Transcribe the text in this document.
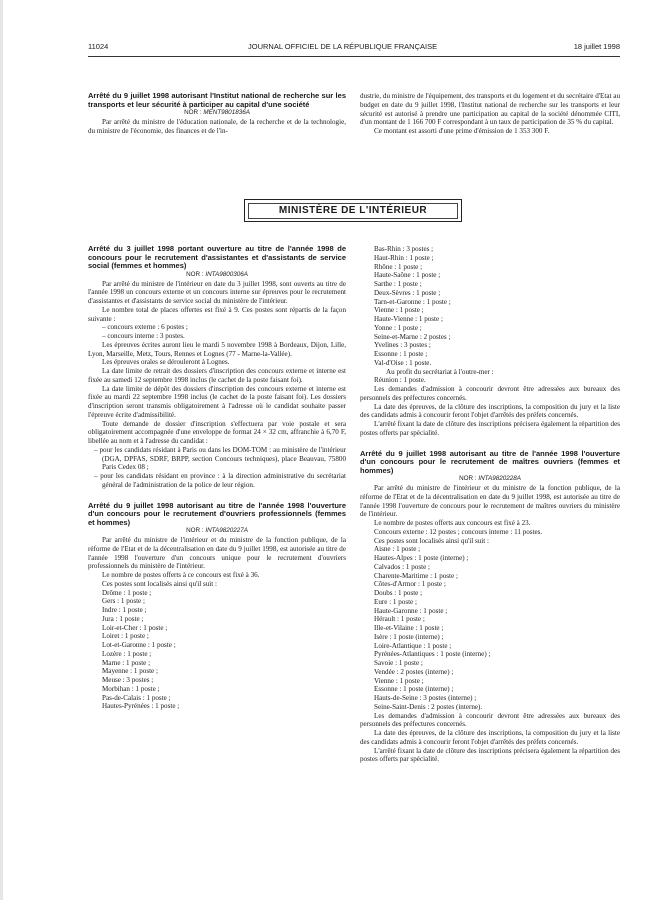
11024	JOURNAL OFFICIEL DE LA RÉPUBLIQUE FRANÇAISE	18 juillet 1998

Arrêté du 9 juillet 1998 autorisant l'Institut national de recherche sur les transports et leur sécurité à participer au capital d'une société

NOR : MENT9801836A

Par arrêté du ministre de l'éducation nationale, de la recherche et de la technologie, du ministre de l'économie, des finances et de l'in-

dustrie, du ministre de l'équipement, des transports et du logement et du secrétaire d'Etat au budget en date du 9 juillet 1998, l'Institut national de recherche sur les transports et leur sécurité est autorisé à prendre une participation au capital de la société dénommée CITI, d'un montant de 1 166 700 F correspondant à un taux de participation de 35 % du capital.

Ce montant est assorti d'une prime d'émission de 1 353 300 F.

MINISTÈRE DE L'INTÉRIEUR

Arrêté du 3 juillet 1998 portant ouverture au titre de l'année 1998 de concours pour le recrutement d'assistantes et d'assistants de service social (femmes et hommes)

NOR : INTA9800306A

Par arrêté du ministre de l'intérieur en date du 3 juillet 1998, sont ouverts au titre de l'année 1998 un concours externe et un concours interne sur épreuves pour le recrutement d'assistantes et d'assistants de service social du ministère de l'intérieur.

Le nombre total de places offertes est fixé à 9. Ces postes sont répartis de la façon suivante :

– concours externe : 6 postes ;

– concours interne : 3 postes.

Les épreuves écrites auront lieu le mardi 5 novembre 1998 à Bordeaux, Dijon, Lille, Lyon, Marseille, Metz, Tours, Rennes et Lognes (77 - Marne-la-Vallée).

Les épreuves orales se dérouleront à Lognes.

La date limite de retrait des dossiers d'inscription des concours externe et interne est fixée au samedi 12 septembre 1998 inclus (le cachet de la poste faisant foi).

La date limite de dépôt des dossiers d'inscription des concours externe et interne est fixée au mardi 22 septembre 1998 inclus (le cachet de la poste faisant foi). Les dossiers d'inscription seront transmis obligatoirement à l'adresse où le candidat souhaite passer l'épreuve écrite d'admissibilité.

Toute demande de dossier d'inscription s'effectuera par voie postale et sera obligatoirement accompagnée d'une enveloppe de format 24 × 32 cm, affranchie à 6,70 F, libellée au nom et à l'adresse du candidat :

– pour les candidats résidant à Paris ou dans les DOM-TOM : au ministère de l'intérieur (DGA, DPFAS, SDRF, BRPP, section Concours techniques), place Beauvau, 75800 Paris Cedex 08 ;

– pour les candidats résidant en province : à la direction administrative du secrétariat général de l'administration de la police de leur région.

Arrêté du 9 juillet 1998 autorisant au titre de l'année 1998 l'ouverture d'un concours pour le recrutement d'ouvriers professionnels (femmes et hommes)

NOR : INTA9820227A

Par arrêté du ministre de l'intérieur et du ministre de la fonction publique, de la réforme de l'Etat et de la décentralisation en date du 9 juillet 1998, est autorisée au titre de l'année 1998 l'ouverture d'un concours unique pour le recrutement d'ouvriers professionnels du ministère de l'intérieur.

Le nombre de postes offerts à ce concours est fixé à 36.

Ces postes sont localisés ainsi qu'il suit :

Drôme : 1 poste ;

Gers : 1 poste ;

Indre : 1 poste ;

Jura : 1 poste ;

Loir-et-Cher : 1 poste ;

Loiret : 1 poste ;

Lot-et-Garonne : 1 poste ;

Lozère : 1 poste ;

Marne : 1 poste ;

Mayenne : 1 poste ;

Meuse : 3 postes ;

Morbihan : 1 poste ;

Pas-de-Calais : 1 poste ;

Hautes-Pyrénées : 1 poste ;

Bas-Rhin : 3 postes ;

Haut-Rhin : 1 poste ;

Rhône : 1 poste ;

Haute-Saône : 1 poste ;

Sarthe : 1 poste ;

Deux-Sèvres : 1 poste ;

Tarn-et-Garonne : 1 poste ;

Vienne : 1 poste ;

Haute-Vienne : 1 poste ;

Yonne : 1 poste ;

Seine-et-Marne : 2 postes ;

Yvelines : 3 postes ;

Essonne : 1 poste ;

Val-d'Oise : 1 poste.

Au profit du secrétariat à l'outre-mer :

Réunion : 1 poste.

Les demandes d'admission à concourir devront être adressées aux bureaux des personnels des préfectures concernés.

La date des épreuves, de la clôture des inscriptions, la composition du jury et la liste des candidats admis à concourir feront l'objet d'arrêtés des préfets concernés.

L'arrêté fixant la date de clôture des inscriptions précisera également la répartition des postes offerts par spécialité.

Arrêté du 9 juillet 1998 autorisant au titre de l'année 1998 l'ouverture d'un concours pour le recrutement de maîtres ouvriers (femmes et hommes)

NOR : INTA9820228A

Par arrêté du ministre de l'intérieur et du ministre de la fonction publique, de la réforme de l'Etat et de la décentralisation en date du 9 juillet 1998, est autorisée au titre de l'année 1998 l'ouverture de concours pour le recrutement de maîtres ouvriers du ministère de l'intérieur.

Le nombre de postes offerts aux concours est fixé à 23.

Concours externe : 12 postes ; concours interne : 11 postes.

Ces postes sont localisés ainsi qu'il suit :

Aisne : 1 poste ;

Hautes-Alpes : 1 poste (interne) ;

Calvados : 1 poste ;

Charente-Maritime : 1 poste ;

Côtes-d'Armor : 1 poste ;

Doubs : 1 poste ;

Eure : 1 poste ;

Haute-Garonne : 1 poste ;

Hérault : 1 poste ;

Ille-et-Vilaine : 1 poste ;

Isère : 1 poste (interne) ;

Loire-Atlantique : 1 poste ;

Pyrénées-Atlantiques : 1 poste (interne) ;

Savoie : 1 poste ;

Vendée : 2 postes (interne) ;

Vienne : 1 poste ;

Essonne : 1 poste (interne) ;

Hauts-de-Seine : 3 postes (interne) ;

Seine-Saint-Denis : 2 postes (interne).

Les demandes d'admission à concourir devront être adressées aux bureaux des personnels des préfectures concernés.

La date des épreuves, de la clôture des inscriptions, la composition du jury et la liste des candidats admis à concourir feront l'objet d'arrêtés des préfets concernés.

L'arrêté fixant la date de clôture des inscriptions précisera également la répartition des postes offerts par spécialité.
